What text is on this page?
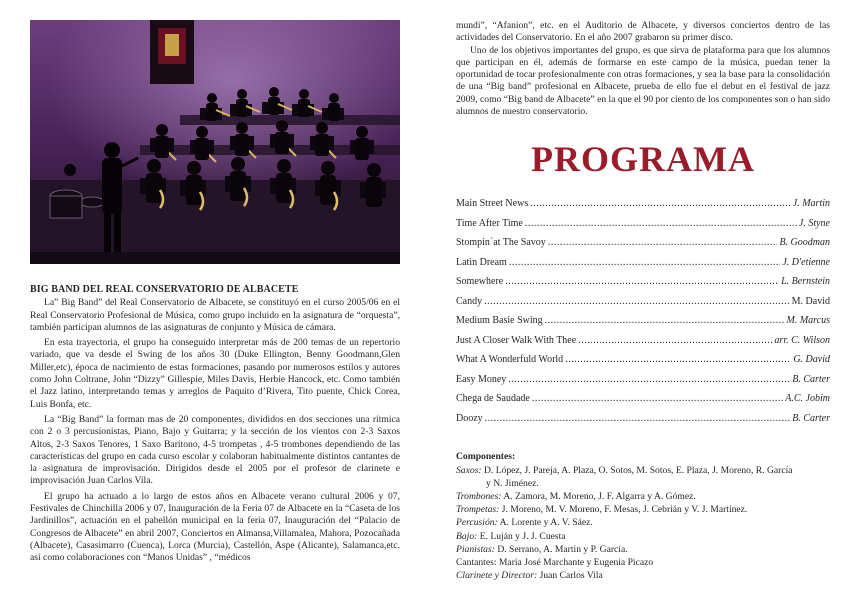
BIG BAND DEL REAL CONSERVATORIO DE ALBACETE

La” Big Band” del Real Conservatorio de Albacete, se constituyó en el curso 2005/06 en el Real Conservatorio Profesional de Música, como grupo incluido en la asignatura de “orquesta”, también participan alumnos de las asignaturas de conjunto y Música de cámara.

En esta trayectoria, el grupo ha conseguido interpretar más de 200 temas de un repertorio variado, que va desde el Swing de los años 30 (Duke Ellington, Benny Goodmann,Glen Miller,etc), época de nacimiento de estas formaciones, pasando por numerosos estilos y autores como John Coltrane, John “Dizzy” Gillespie, Miles Davis, Herbie Hancock, etc. Como también el Jazz latino, interpretando temas y arreglos de Paquito d’Rivera, Tito puente, Chick Corea, Luis Bonfa, etc.

La “Big Band” la forman mas de 20 componentes, divididos en dos secciones una rítmica con 2 o 3 percusionistas, Piano, Bajo y Guitarra; y la sección de los vientos con 2-3 Saxos Altos, 2-3 Saxos Tenores, 1 Saxo Barítono, 4-5 trompetas , 4-5 trombones dependiendo de las características del grupo en cada curso escolar y colaboran habitualmente distintos cantantes de la asignatura de improvisación. Dirigidos desde el 2005 por el profesor de clarinete e improvisación Juan Carlos Vila.

El grupo ha actuado a lo largo de estos años en Albacete verano cultural 2006 y 07, Festivales de Chinchilla 2006 y 07, Inauguración de la Feria 07 de Albacete en la “Caseta de los Jardinillos”, actuación en el pabellón municipal en la feria 07, Inauguración del “Palacio de Congresos de Albacete” en abril 2007, Conciertos en Almansa,Villamalea, Mahora, Pozocañada (Albacete), Casasimarro (Cuenca), Lorca (Murcia), Castellón, Aspe (Alicante), Salamanca,etc. así como colaboraciones con “Manos Unidas” , “médicos

mundi”, “Afanion”, etc. en el Auditorio de Albacete, y diversos conciertos dentro de las actividades del Conservatorio. En el año 2007 grabaron su primer disco.

Uno de los objetivos importantes del grupo, es que sirva de plataforma para que los alumnos que participan en él, además de formarse en este campo de la música, puedan tener la oportunidad de tocar profesionalmente con otras formaciones, y sea la base para la consolidación de una “Big band” profesional en Albacete, prueba de ello fue el debut en el festival de jazz 2009, como “Big band de Albacete” en la que el 90 por ciento de los componentes son o han sido alumnos de nuestro conservatorio.

PROGRAMA
Main Street News .....	J. Martin
Time After Time .....	J. Styne
Stompin´at The Savoy .....	B. Goodman
Latin Dream .....	J. D'etienne
Somewhere .....	L. Bernstein
Candy .....	M. David
Medium Basie Swing .....	M. Marcus
Just A Closer Walk With Thee .....	arr. C. Wilson
What A Wonderfuld World .....	G. David
Easy Money .....	B. Carter
Chega de Saudade .....	A.C. Jobim
Doozy .....	B. Carter
Componentes:
Saxos: D. López, J. Pareja, A. Plaza, O. Sotos, M. Sotos, E. Plaza, J. Moreno, R. García
y N. Jiménez.
Trombones: A. Zamora, M. Moreno, J. F. Algarra y A. Gómez.
Trompetas: J. Moreno, M. V. Moreno, F. Mesas, J. Cebrián y V. J. Martínez.
Percusión: A. Lorente y A. V. Sáez.
Bajo: E. Luján y J. J. Cuesta
Pianistas: D. Serrano, A. Martín y P. García.
Cantantes: María José Marchante y Eugenia Picazo
Clarinete y Director: Juan Carlos Vila
